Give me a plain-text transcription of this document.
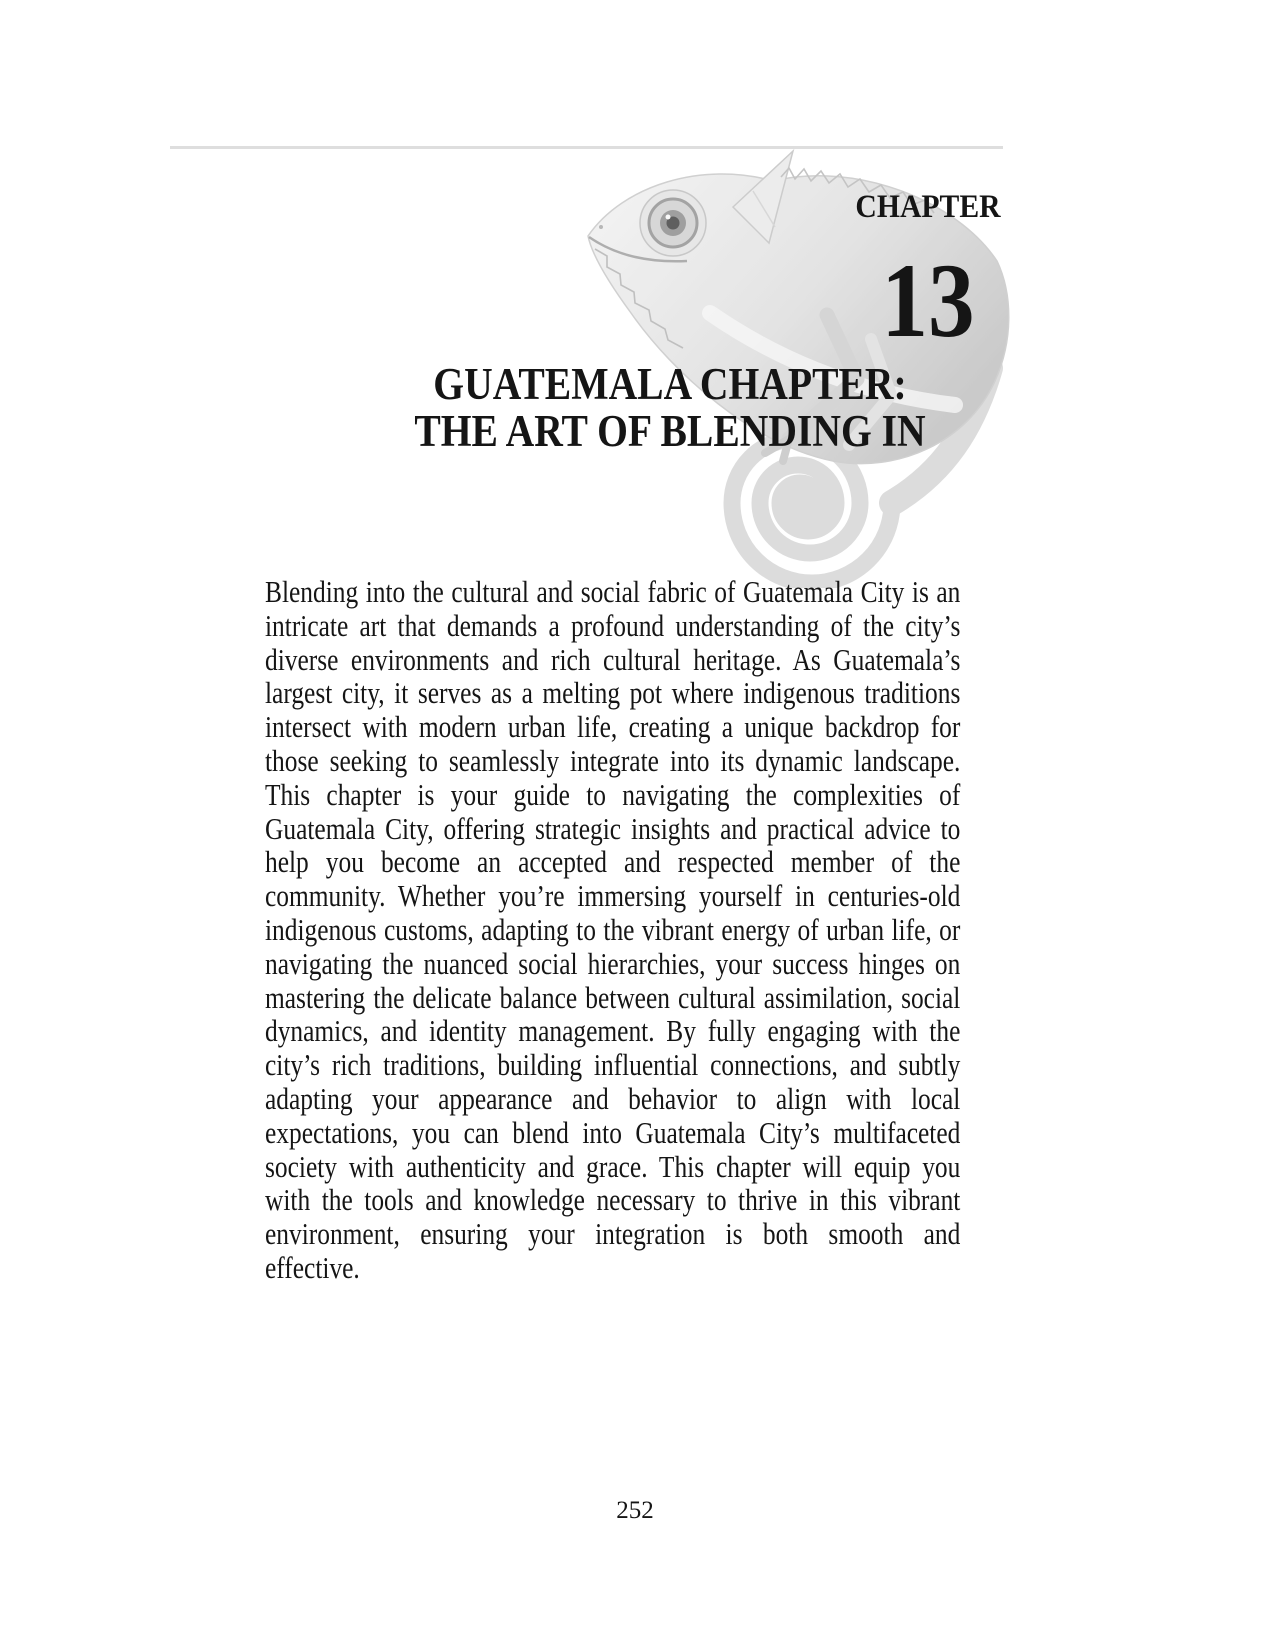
CHAPTER
13
GUATEMALA CHAPTER:
THE ART OF BLENDING IN

Blending into the cultural and social fabric of Guatemala City is an intricate art that demands a profound understanding of the city’s diverse environments and rich cultural heritage. As Guatemala’s largest city, it serves as a melting pot where indigenous traditions intersect with modern urban life, creating a unique backdrop for those seeking to seamlessly integrate into its dynamic landscape. This chapter is your guide to navigating the complexities of Guatemala City, offering strategic insights and practical advice to help you become an accepted and respected member of the community. Whether you’re immersing yourself in centuries-old indigenous customs, adapting to the vibrant energy of urban life, or navigating the nuanced social hierarchies, your success hinges on mastering the delicate balance between cultural assimilation, social dynamics, and identity management. By fully engaging with the city’s rich traditions, building influential connections, and subtly adapting your appearance and behavior to align with local expectations, you can blend into Guatemala City’s multifaceted society with authenticity and grace. This chapter will equip you with the tools and knowledge necessary to thrive in this vibrant environment, ensuring your integration is both smooth and effective.

252
